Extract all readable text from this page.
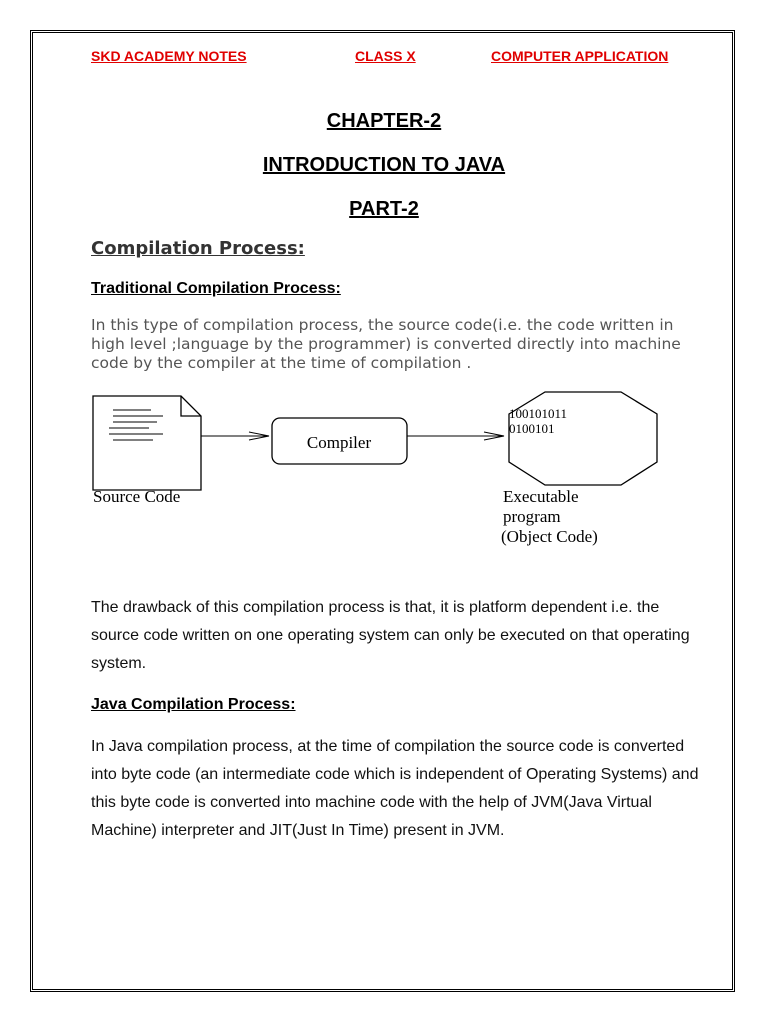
SKD ACADEMY NOTES	CLASS X	COMPUTER APPLICATION
CHAPTER-2
INTRODUCTION TO JAVA
PART-2
Compilation Process:
Traditional Compilation Process:
In this type of compilation process, the source code(i.e. the code written in high level ;language by the programmer) is converted directly into machine code by the compiler at the time of compilation .
Compiler
100101011
0100101
Source Code	Executable
program
(Object Code)
The drawback of this compilation process is that, it is platform dependent i.e. the source code written on one operating system can only be executed on that operating system.
Java Compilation Process:
In Java compilation process, at the time of compilation the source code is converted into byte code (an intermediate code which is independent of Operating Systems) and this byte code is converted into machine code with the help of JVM(Java Virtual Machine) interpreter and JIT(Just In Time) present in JVM.
